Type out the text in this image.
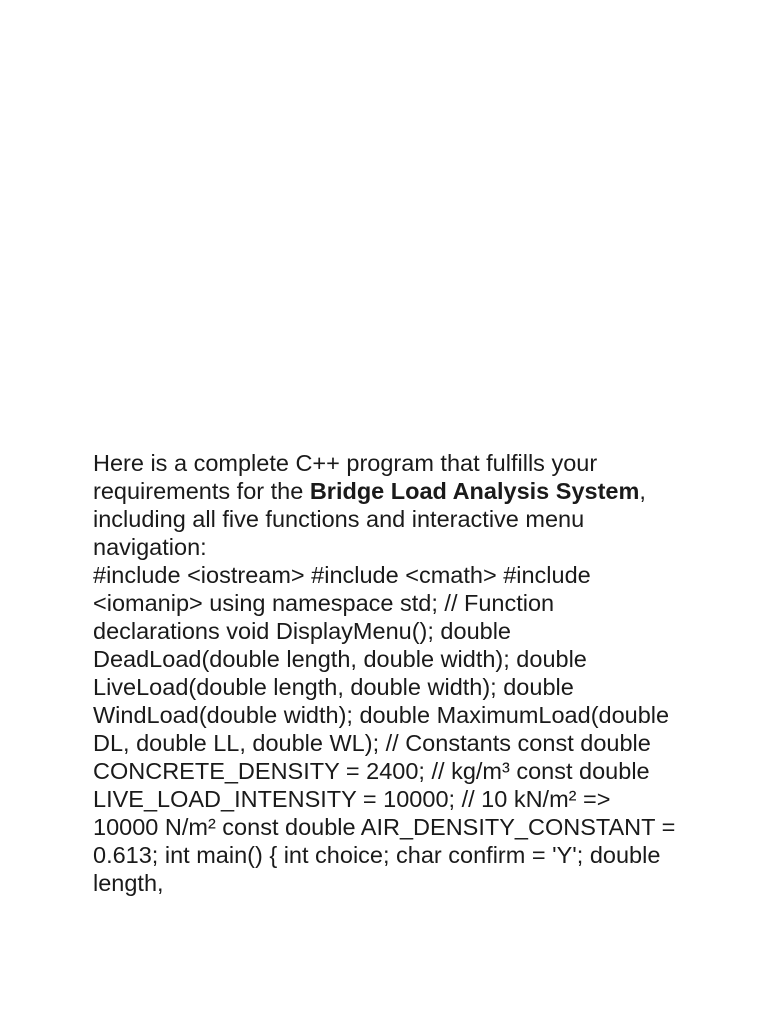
Here is a complete C++ program that fulfills your requirements for the Bridge Load Analysis System, including all five functions and interactive menu navigation:

#include <iostream> #include <cmath> #include <iomanip> using namespace std; // Function declarations void DisplayMenu(); double DeadLoad(double length, double width); double LiveLoad(double length, double width); double WindLoad(double width); double MaximumLoad(double DL, double LL, double WL); // Constants const double CONCRETE_DENSITY = 2400; // kg/m³ const double LIVE_LOAD_INTENSITY = 10000; // 10 kN/m² => 10000 N/m² const double AIR_DENSITY_CONSTANT = 0.613; int main() { int choice; char confirm = 'Y'; double length,
